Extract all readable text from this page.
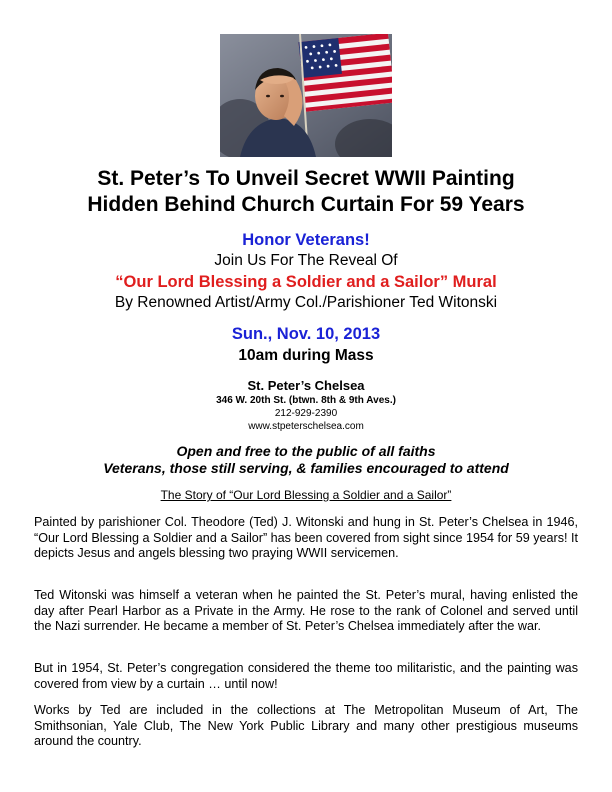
St. Peter’s To Unveil Secret WWII Painting
Hidden Behind Church Curtain For 59 Years
Honor Veterans!
Join Us For The Reveal Of
“Our Lord Blessing a Soldier and a Sailor” Mural
By Renowned Artist/Army Col./Parishioner Ted Witonski
Sun., Nov. 10, 2013
10am during Mass
St. Peter’s Chelsea
346 W. 20th St. (btwn. 8th & 9th Aves.)
212-929-2390
www.stpeterschelsea.com
Open and free to the public of all faiths
Veterans, those still serving, & families encouraged to attend
The Story of “Our Lord Blessing a Soldier and a Sailor”
Painted by parishioner Col. Theodore (Ted) J. Witonski and hung in St. Peter’s Chelsea in 1946, “Our Lord Blessing a Soldier and a Sailor” has been covered from sight since 1954 for 59 years! It depicts Jesus and angels blessing two praying WWII servicemen.
Ted Witonski was himself a veteran when he painted the St. Peter’s mural, having enlisted the day after Pearl Harbor as a Private in the Army. He rose to the rank of Colonel and served until the Nazi surrender. He became a member of St. Peter’s Chelsea immediately after the war.
But in 1954, St. Peter’s congregation considered the theme too militaristic, and the painting was covered from view by a curtain … until now!
Works by Ted are included in the collections at The Metropolitan Museum of Art, The Smithsonian, Yale Club, The New York Public Library and many other prestigious museums around the country.
